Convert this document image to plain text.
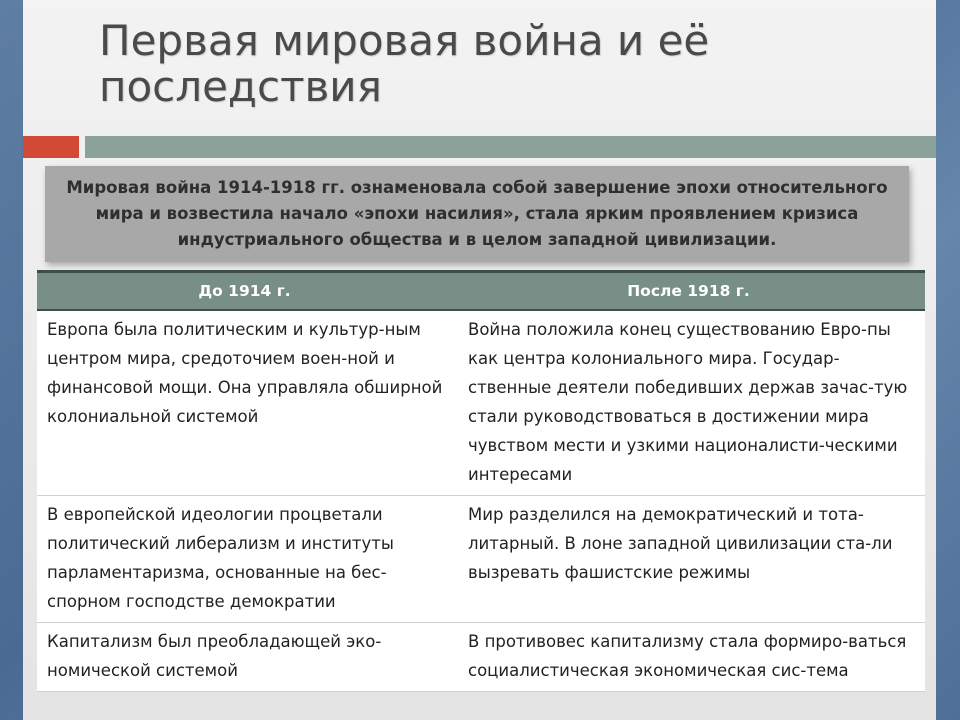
Первая мировая война и её последствия
Мировая война 1914-1918 гг. ознаменовала собой завершение эпохи относительного мира и возвестила начало «эпохи насилия», стала ярким проявлением кризиса индустриального общества и в целом западной цивилизации.
До 1914 г.	После 1918 г.
Европа была политическим и культур-ным центром мира, средоточием воен-ной и финансовой мощи. Она управляла обширной колониальной системой	Война положила конец существованию Евро-пы как центра колониального мира. Государ-ственные деятели победивших держав зачас-тую стали руководствоваться в достижении мира чувством мести и узкими националисти-ческими интересами
В европейской идеологии процветали политический либерализм и институты парламентаризма, основанные на бес-спорном господстве демократии	Мир разделился на демократический и тота-литарный. В лоне западной цивилизации ста-ли вызревать фашистские режимы
Капитализм был преобладающей эко-номической системой	В противовес капитализму стала формиро-ваться социалистическая экономическая сис-тема
